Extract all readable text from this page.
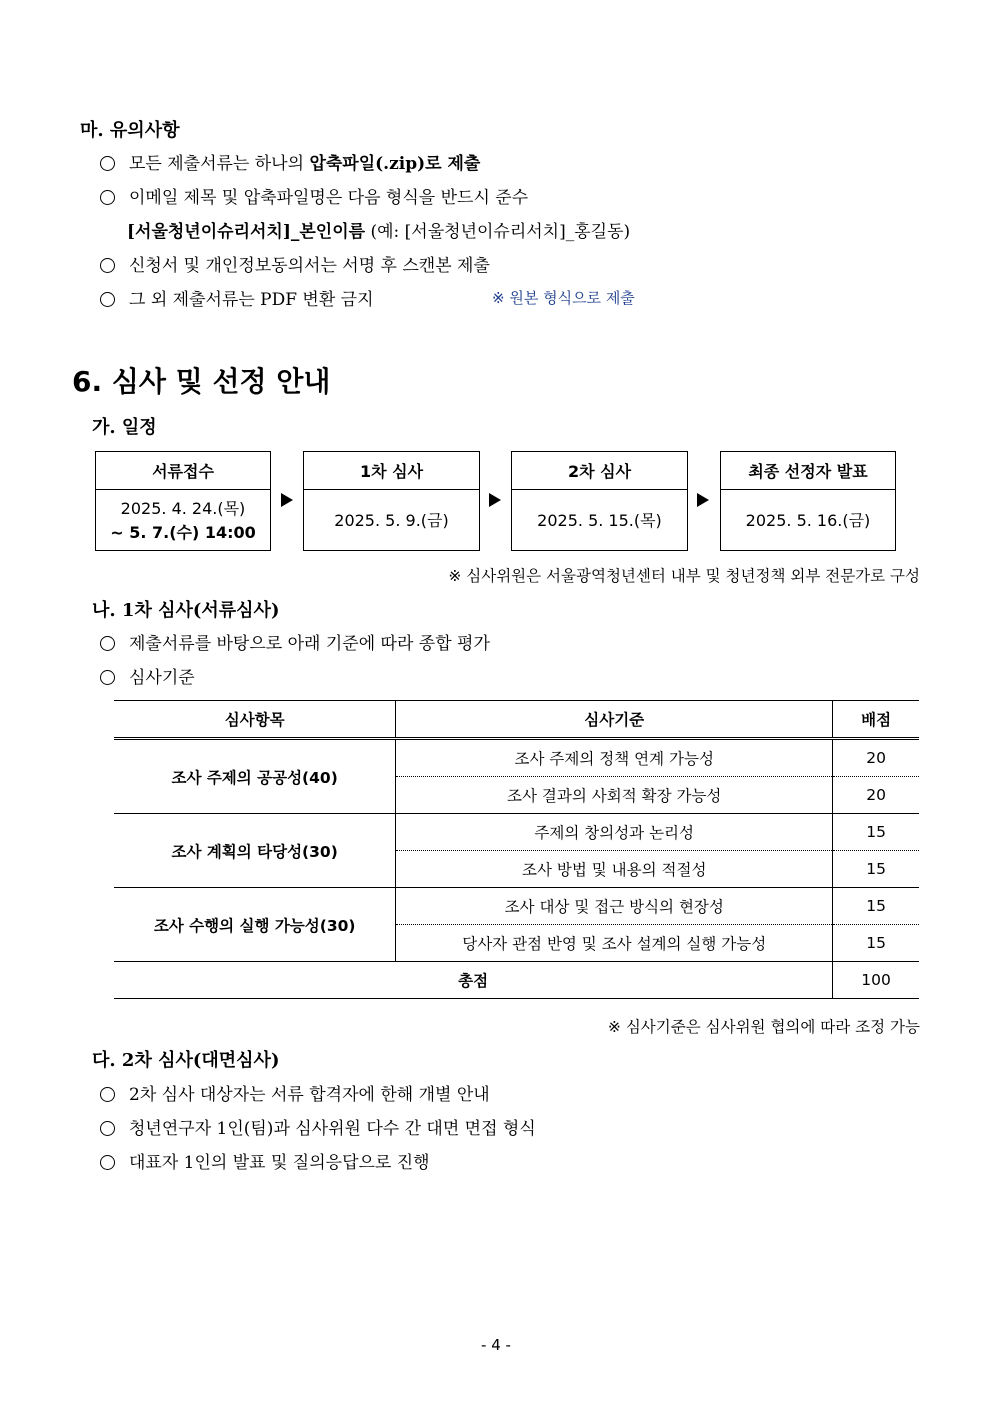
마. 유의사항
모든 제출서류는 하나의 압축파일(.zip)로 제출
이메일 제목 및 압축파일명은 다음 형식을 반드시 준수
[서울청년이슈리서치]_본인이름 (예: [서울청년이슈리서치]_홍길동)
신청서 및 개인정보동의서는 서명 후 스캔본 제출
그 외 제출서류는 PDF 변환 금지	※ 원본 형식으로 제출
6. 심사 및 선정 안내
가. 일정
서류접수
2025. 4. 24.(목)
~ 5. 7.(수) 14:00
1차 심사
2025. 5. 9.(금)
2차 심사
2025. 5. 15.(목)
최종 선정자 발표
2025. 5. 16.(금)
※ 심사위원은 서울광역청년센터 내부 및 청년정책 외부 전문가로 구성
나. 1차 심사(서류심사)
제출서류를 바탕으로 아래 기준에 따라 종합 평가
심사기준
심사항목	심사기준	배점
조사 주제의 공공성(40)	조사 주제의 정책 연계 가능성	20
	조사 결과의 사회적 확장 가능성	20
조사 계획의 타당성(30)	주제의 창의성과 논리성	15
	조사 방법 및 내용의 적절성	15
조사 수행의 실행 가능성(30)	조사 대상 및 접근 방식의 현장성	15
	당사자 관점 반영 및 조사 설계의 실행 가능성	15
총점		100
※ 심사기준은 심사위원 협의에 따라 조정 가능
다. 2차 심사(대면심사)
2차 심사 대상자는 서류 합격자에 한해 개별 안내
청년연구자 1인(팀)과 심사위원 다수 간 대면 면접 형식
대표자 1인의 발표 및 질의응답으로 진행
- 4 -
